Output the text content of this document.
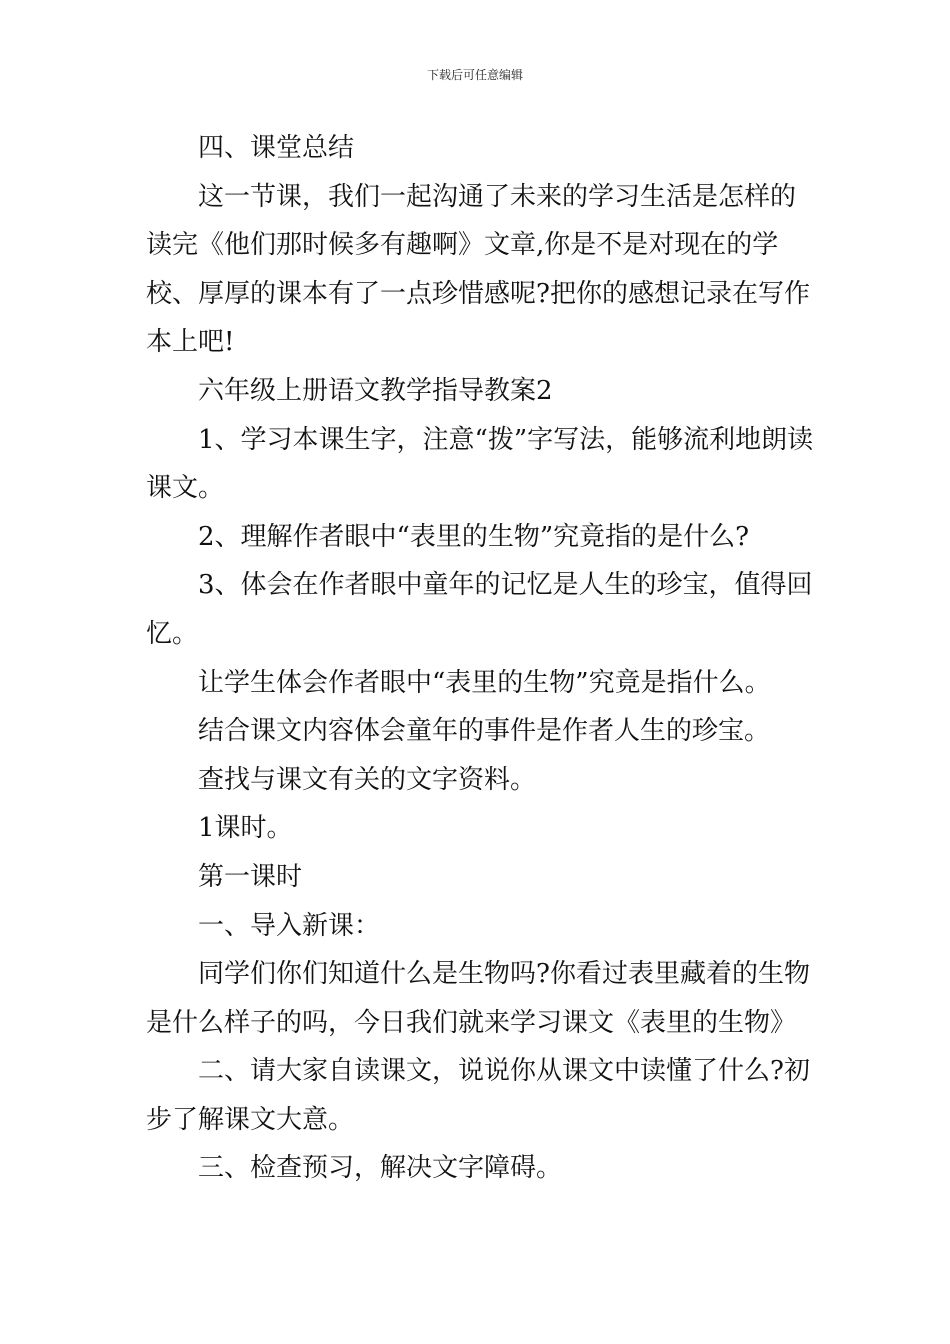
下载后可任意编辑

四、课堂总结

这一节课，我们一起沟通了未来的学习生活是怎样的读完《他们那时候多有趣啊》文章,你是不是对现在的学校、厚厚的课本有了一点珍惜感呢?把你的感想记录在写作本上吧!

六年级上册语文教学指导教案2

1、学习本课生字，注意“拨”字写法，能够流利地朗读课文。

2、理解作者眼中“表里的生物”究竟指的是什么?

3、体会在作者眼中童年的记忆是人生的珍宝，值得回忆。

让学生体会作者眼中“表里的生物”究竟是指什么。

结合课文内容体会童年的事件是作者人生的珍宝。

查找与课文有关的文字资料。

1课时。

第一课时

一、导入新课：

同学们你们知道什么是生物吗?你看过表里藏着的生物是什么样子的吗，今日我们就来学习课文《表里的生物》

二、请大家自读课文，说说你从课文中读懂了什么?初步了解课文大意。

三、检查预习，解决文字障碍。
